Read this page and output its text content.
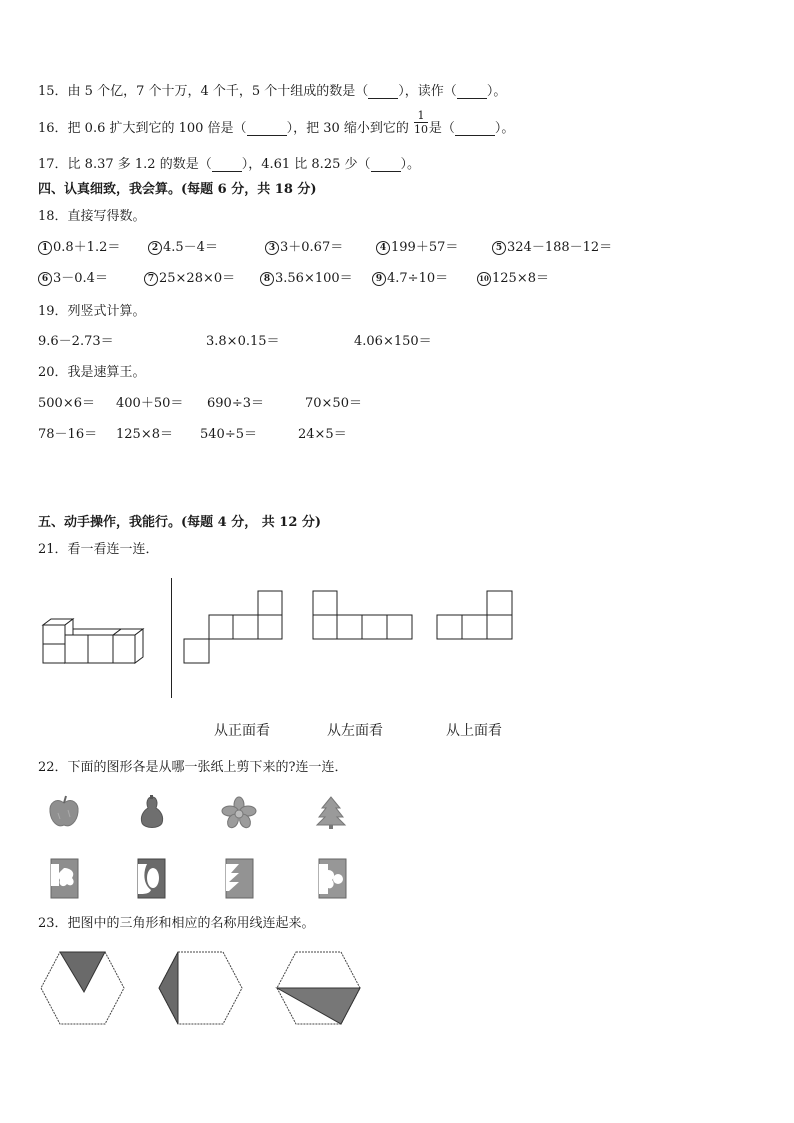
15．由 5 个亿，7 个十万，4 个千，5 个十组成的数是（ ），读作（ ）。
16．把 0.6 扩大到它的 100 倍是（	），把 30 缩小到它的 是（	）。
$\frac{1}{10}$
17．比 8.37 多 1.2 的数是（ ），4.61 比 8.25 少（ ）。
四、认真细致，我会算。(每题 6 分，共 18 分)
18．直接写得数。
1 0.8＋1.2＝	2 4.5－4＝	3 3＋0.67＝	4 199＋57＝	5 324－188－12＝
6 3－0.4＝	7 25×28×0＝	8 3.56×100＝	9 4.7÷10＝	10 125×8＝
19．列竖式计算。
9.6－2.73＝	3.8×0.15＝	4.06×150＝
20．我是速算王。
500×6＝ 400＋50＝ 690÷3＝	70×50＝
78－16＝ 125×8＝ 540÷5＝	24×5＝
五、动手操作，我能行。(每题 4 分， 共 12 分)
21．看一看连一连．
从正面看	从左面看	从上面看
22．下面的图形各是从哪一张纸上剪下来的?连一连．
23．把图中的三角形和相应的名称用线连起来。
